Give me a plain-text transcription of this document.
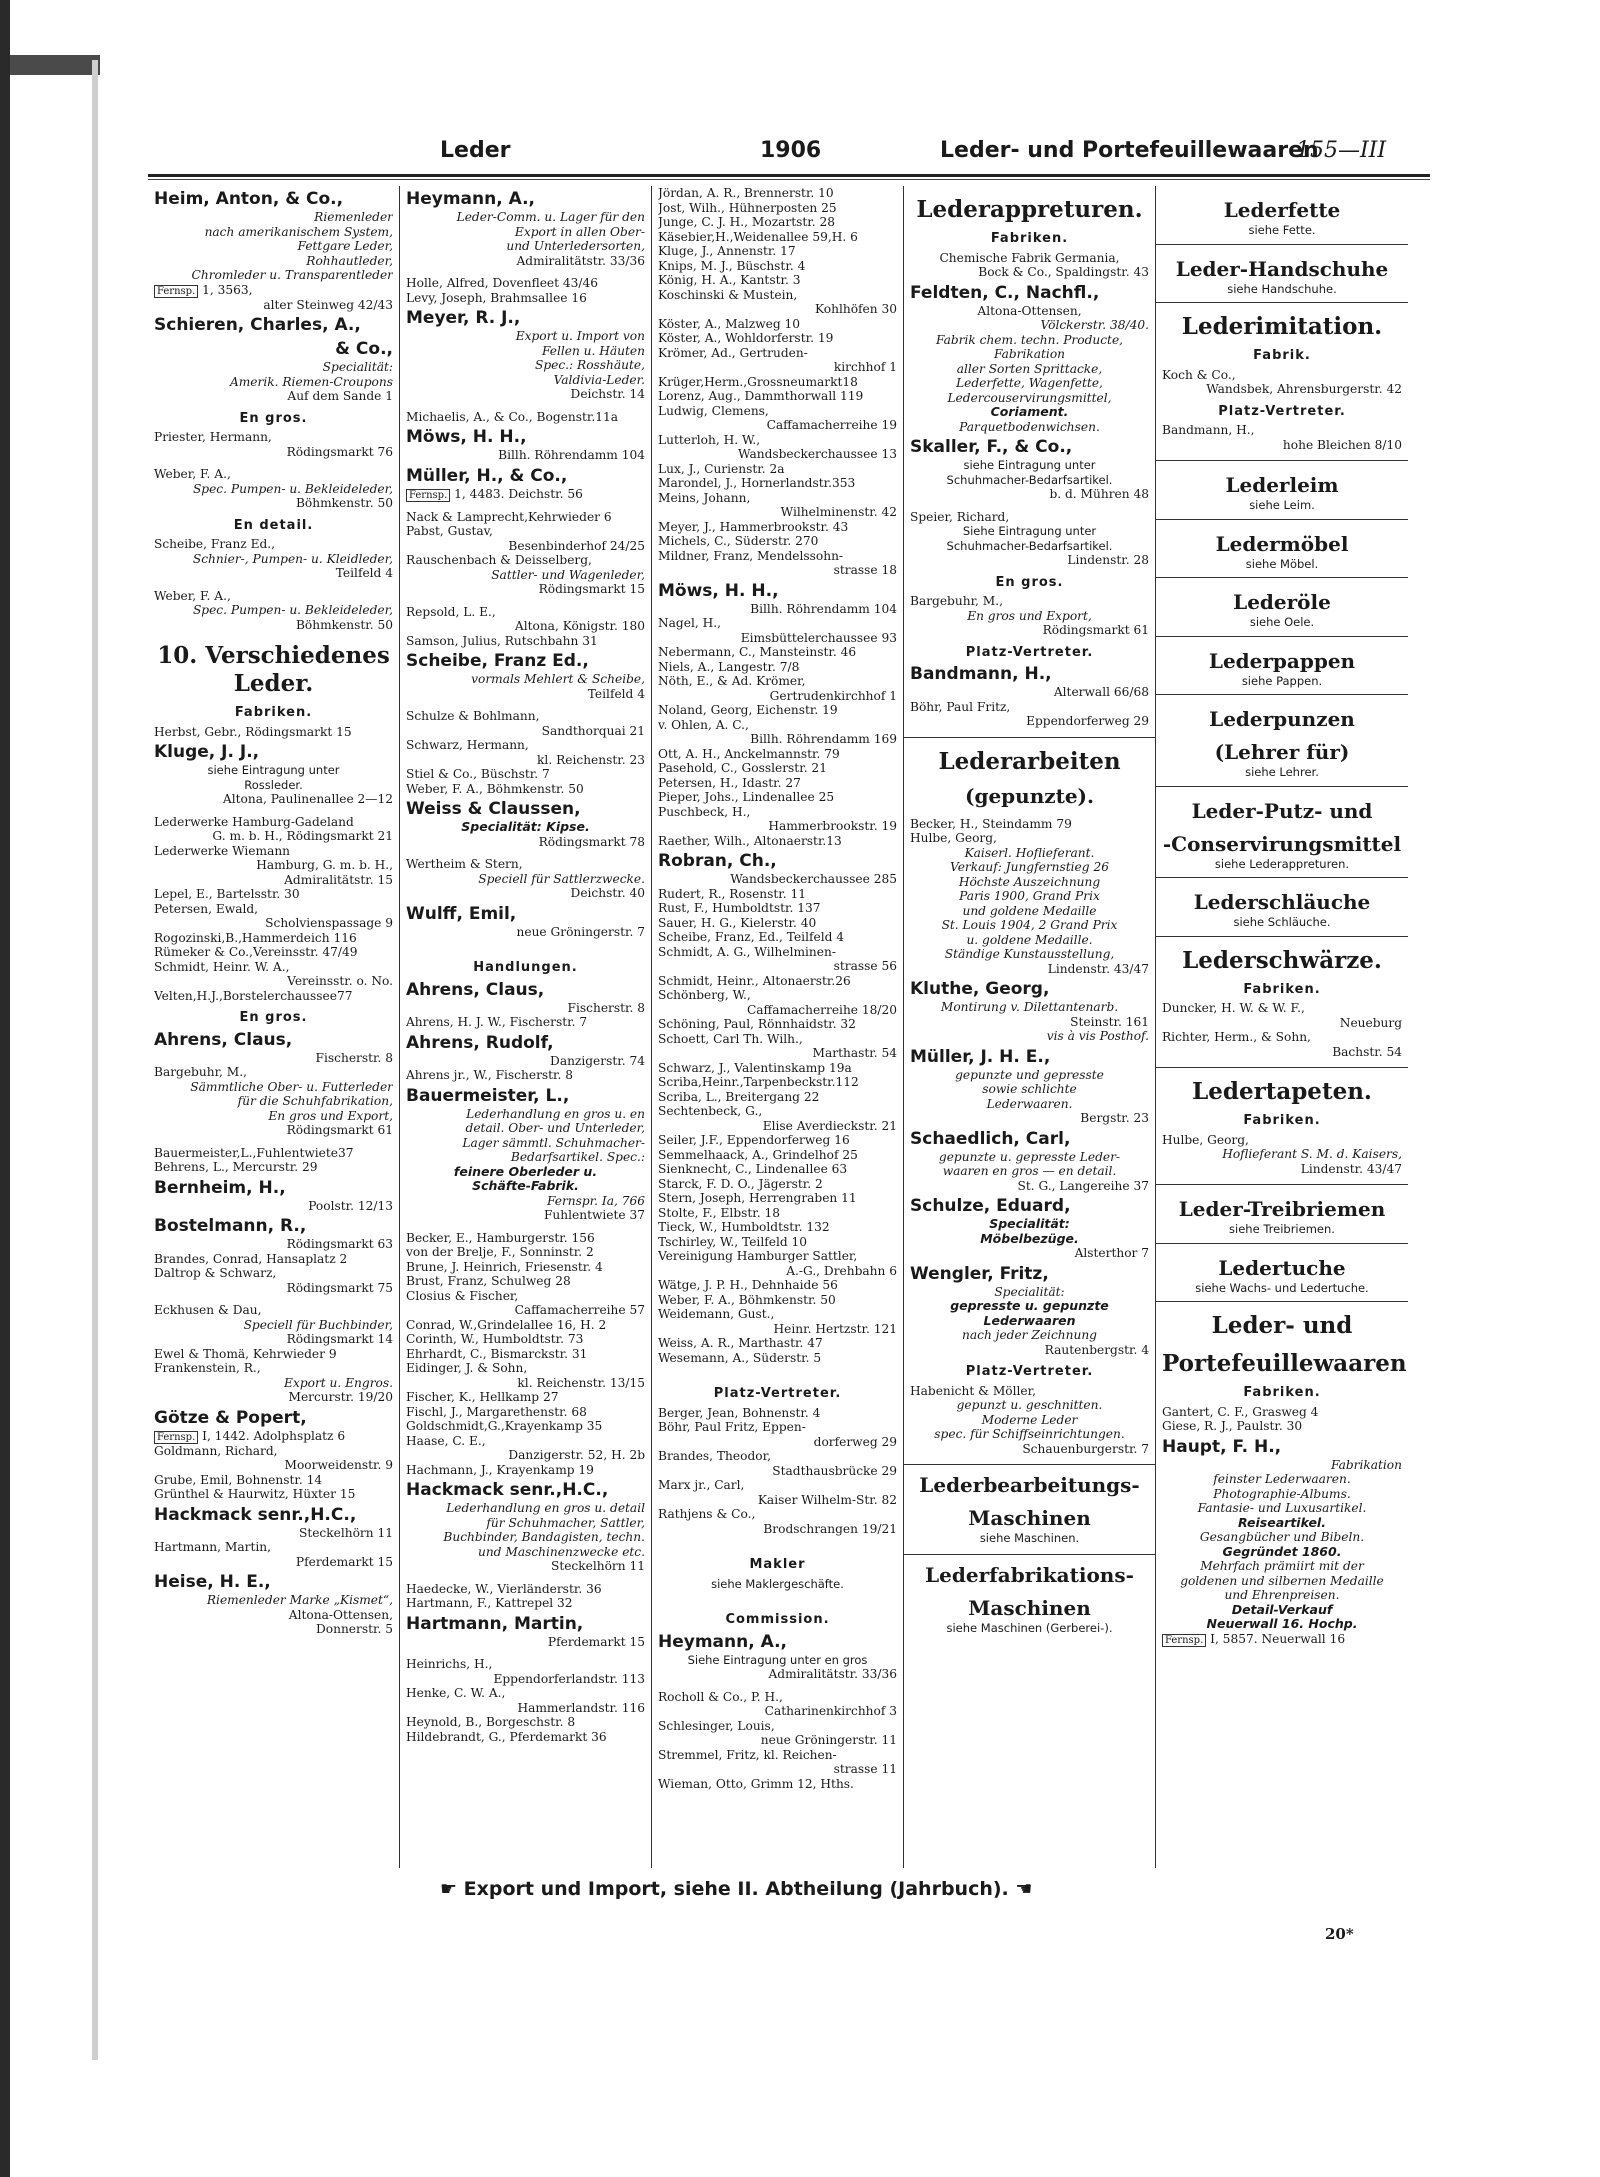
Leder	1906	Leder- und Portefeuillewaaren
155—III
Heim, Anton, & Co.,
Riemenleder
nach amerikanischem System,
Fettgare Leder,
Rohhautleder,
Chromleder u. Transparentleder
Fernsp. 1, 3563,
alter Steinweg 42/43
Schieren, Charles, A.,
& Co.,
Specialität:
Amerik. Riemen-Croupons
Auf dem Sande 1
En gros.
Priester, Hermann,
Rödingsmarkt 76
Weber, F. A.,
Spec. Pumpen- u. Bekleideleder,
Böhmkenstr. 50
En detail.
Scheibe, Franz Ed.,
Schnier-, Pumpen- u. Kleidleder,
Teilfeld 4
Weber, F. A.,
Spec. Pumpen- u. Bekleideleder,
Böhmkenstr. 50
10. Verschiedenes Leder.
Fabriken.
Herbst, Gebr., Rödingsmarkt 15
Kluge, J. J.,
siehe Eintragung unter
Rossleder.
Altona, Paulinenallee 2—12
Lederwerke Hamburg-Gadeland
G. m. b. H., Rödingsmarkt 21
Lederwerke Wiemann
Hamburg, G. m. b. H.,
Admiralitätstr. 15
Lepel, E., Bartelsstr. 30
Petersen, Ewald,
Scholvienspassage 9
Rogozinski,B.,Hammerdeich 116
Rümeker & Co.,Vereinsstr. 47/49
Schmidt, Heinr. W. A.,
Vereinsstr. o. No.
Velten,H.J.,Borstelerchaussee77
En gros.
Ahrens, Claus,
Fischerstr. 8
Bargebuhr, M.,
Sämmtliche Ober- u. Futterleder
für die Schuhfabrikation,
En gros und Export,
Rödingsmarkt 61
Bauermeister,L.,Fuhlentwiete37
Behrens, L., Mercurstr. 29
Bernheim, H.,
Poolstr. 12/13
Bostelmann, R.,
Rödingsmarkt 63
Brandes, Conrad, Hansaplatz 2
Daltrop & Schwarz,
Rödingsmarkt 75
Eckhusen & Dau,
Speciell für Buchbinder,
Rödingsmarkt 14
Ewel & Thomä, Kehrwieder 9
Frankenstein, R.,
Export u. Engros.
Mercurstr. 19/20
Götze & Popert,
Fernsp. I, 1442. Adolphsplatz 6
Goldmann, Richard,
Moorweidenstr. 9
Grube, Emil, Bohnenstr. 14
Grünthel & Haurwitz, Hüxter 15
Hackmack senr.,H.C.,
Steckelhörn 11
Hartmann, Martin,
Pferdemarkt 15
Heise, H. E.,
Riemenleder Marke „Kismet“,
Altona-Ottensen,
Donnerstr. 5
Heymann, A.,
Leder-Comm. u. Lager für den
Export in allen Ober-
und Unterledersorten,
Admiralitätstr. 33/36
Holle, Alfred, Dovenfleet 43/46
Levy, Joseph, Brahmsallee 16
Meyer, R. J.,
Export u. Import von
Fellen u. Häuten
Spec.: Rosshäute,
Valdivia-Leder.
Deichstr. 14
Michaelis, A., & Co., Bogenstr.11a
Möws, H. H.,
Billh. Röhrendamm 104
Müller, H., & Co.,
Fernsp. 1, 4483. Deichstr. 56
Nack & Lamprecht,Kehrwieder 6
Pabst, Gustav,
Besenbinderhof 24/25
Rauschenbach & Deisselberg,
Sattler- und Wagenleder,
Rödingsmarkt 15
Repsold, L. E.,
Altona, Königstr. 180
Samson, Julius, Rutschbahn 31
Scheibe, Franz Ed.,
vormals Mehlert & Scheibe,
Teilfeld 4
Schulze & Bohlmann,
Sandthorquai 21
Schwarz, Hermann,
kl. Reichenstr. 23
Stiel & Co., Büschstr. 7
Weber, F. A., Böhmkenstr. 50
Weiss & Claussen,
Specialität: Kipse.
Rödingsmarkt 78
Wertheim & Stern,
Speciell für Sattlerzwecke.
Deichstr. 40
Wulff, Emil,
neue Gröningerstr. 7
Handlungen.
Ahrens, Claus,
Fischerstr. 8
Ahrens, H. J. W., Fischerstr. 7
Ahrens, Rudolf,
Danzigerstr. 74
Ahrens jr., W., Fischerstr. 8
Bauermeister, L.,
Lederhandlung en gros u. en
detail. Ober- und Unterleder,
Lager sämmtl. Schuhmacher-
Bedarfsartikel. Spec.:
feinere Oberleder u.
Schäfte-Fabrik.
Fernspr. Ia, 766
Fuhlentwiete 37
Becker, E., Hamburgerstr. 156
von der Brelje, F., Sonninstr. 2
Brune, J. Heinrich, Friesenstr. 4
Brust, Franz, Schulweg 28
Closius & Fischer,
Caffamacherreihe 57
Conrad, W.,Grindelallee 16, H. 2
Corinth, W., Humboldtstr. 73
Ehrhardt, C., Bismarckstr. 31
Eidinger, J. & Sohn,
kl. Reichenstr. 13/15
Fischer, K., Hellkamp 27
Fischl, J., Margarethenstr. 68
Goldschmidt,G.,Krayenkamp 35
Haase, C. E.,
Danzigerstr. 52, H. 2b
Hachmann, J., Krayenkamp 19
Hackmack senr.,H.C.,
Lederhandlung en gros u. detail
für Schuhmacher, Sattler,
Buchbinder, Bandagisten, techn.
und Maschinenzwecke etc.
Steckelhörn 11
Haedecke, W., Vierländerstr. 36
Hartmann, F., Kattrepel 32
Hartmann, Martin,
Pferdemarkt 15
Heinrichs, H.,
Eppendorferlandstr. 113
Henke, C. W. A.,
Hammerlandstr. 116
Heynold, B., Borgeschstr. 8
Hildebrandt, G., Pferdemarkt 36
Jördan, A. R., Brennerstr. 10
Jost, Wilh., Hühnerposten 25
Junge, C. J. H., Mozartstr. 28
Käsebier,H.,Weidenallee 59,H. 6
Kluge, J., Annenstr. 17
Knips, M. J., Büschstr. 4
König, H. A., Kantstr. 3
Koschinski & Mustein,
Kohlhöfen 30
Köster, A., Malzweg 10
Köster, A., Wohldorferstr. 19
Krömer, Ad., Gertruden-
kirchhof 1
Krüger,Herm.,Grossneumarkt18
Lorenz, Aug., Dammthorwall 119
Ludwig, Clemens,
Caffamacherreihe 19
Lutterloh, H. W.,
Wandsbeckerchaussee 13
Lux, J., Curienstr. 2a
Marondel, J., Hornerlandstr.353
Meins, Johann,
Wilhelminenstr. 42
Meyer, J., Hammerbrookstr. 43
Michels, C., Süderstr. 270
Mildner, Franz, Mendelssohn-
strasse 18
Möws, H. H.,
Billh. Röhrendamm 104
Nagel, H.,
Eimsbüttelerchaussee 93
Nebermann, C., Mansteinstr. 46
Niels, A., Langestr. 7/8
Nöth, E., & Ad. Krömer,
Gertrudenkirchhof 1
Noland, Georg, Eichenstr. 19
v. Ohlen, A. C.,
Billh. Röhrendamm 169
Ott, A. H., Anckelmannstr. 79
Pasehold, C., Gosslerstr. 21
Petersen, H., Idastr. 27
Pieper, Johs., Lindenallee 25
Puschbeck, H.,
Hammerbrookstr. 19
Raether, Wilh., Altonaerstr.13
Robran, Ch.,
Wandsbeckerchaussee 285
Rudert, R., Rosenstr. 11
Rust, F., Humboldtstr. 137
Sauer, H. G., Kielerstr. 40
Scheibe, Franz, Ed., Teilfeld 4
Schmidt, A. G., Wilhelminen-
strasse 56
Schmidt, Heinr., Altonaerstr.26
Schönberg, W.,
Caffamacherreihe 18/20
Schöning, Paul, Rönnhaidstr. 32
Schoett, Carl Th. Wilh.,
Marthastr. 54
Schwarz, J., Valentinskamp 19a
Scriba,Heinr.,Tarpenbeckstr.112
Scriba, L., Breitergang 22
Sechtenbeck, G.,
Elise Averdieckstr. 21
Seiler, J.F., Eppendorferweg 16
Semmelhaack, A., Grindelhof 25
Sienknecht, C., Lindenallee 63
Starck, F. D. O., Jägerstr. 2
Stern, Joseph, Herrengraben 11
Stolte, F., Elbstr. 18
Tieck, W., Humboldtstr. 132
Tschirley, W., Teilfeld 10
Vereinigung Hamburger Sattler,
A.-G., Drehbahn 6
Wätge, J. P. H., Dehnhaide 56
Weber, F. A., Böhmkenstr. 50
Weidemann, Gust.,
Heinr. Hertzstr. 121
Weiss, A. R., Marthastr. 47
Wesemann, A., Süderstr. 5
Platz-Vertreter.
Berger, Jean, Bohnenstr. 4
Böhr, Paul Fritz, Eppen-
dorferweg 29
Brandes, Theodor,
Stadthausbrücke 29
Marx jr., Carl,
Kaiser Wilhelm-Str. 82
Rathjens & Co.,
Brodschrangen 19/21
Makler
siehe Maklergeschäfte.
Commission.
Heymann, A.,
Siehe Eintragung unter en gros
Admiralitätstr. 33/36
Rocholl & Co., P. H.,
Catharinenkirchhof 3
Schlesinger, Louis,
neue Gröningerstr. 11
Stremmel, Fritz, kl. Reichen-
strasse 11
Wieman, Otto, Grimm 12, Hths.
Lederappreturen.
Fabriken.
Chemische Fabrik Germania,
Bock & Co., Spaldingstr. 43
Feldten, C., Nachfl.,
Altona-Ottensen,
Völckerstr. 38/40.
Fabrik chem. techn. Producte,
Fabrikation
aller Sorten Sprittacke,
Lederfette, Wagenfette,
Ledercouservirungsmittel,
Coriament.
Parquetbodenwichsen.
Skaller, F., & Co.,
siehe Eintragung unter
Schuhmacher-Bedarfsartikel.
b. d. Mühren 48
Speier, Richard,
Siehe Eintragung unter
Schuhmacher-Bedarfsartikel.
Lindenstr. 28
En gros.
Bargebuhr, M.,
En gros und Export,
Rödingsmarkt 61
Platz-Vertreter.
Bandmann, H.,
Alterwall 66/68
Böhr, Paul Fritz,
Eppendorferweg 29
Lederarbeiten
(gepunzte).
Becker, H., Steindamm 79
Hulbe, Georg,
Kaiserl. Hoflieferant.
Verkauf: Jungfernstieg 26
Höchste Auszeichnung
Paris 1900, Grand Prix
und goldene Medaille
St. Louis 1904, 2 Grand Prix
u. goldene Medaille.
Ständige Kunstausstellung,
Lindenstr. 43/47
Kluthe, Georg,
Montirung v. Dilettantenarb.
Steinstr. 161
vis à vis Posthof.
Müller, J. H. E.,
gepunzte und gepresste
sowie schlichte
Lederwaaren.
Bergstr. 23
Schaedlich, Carl,
gepunzte u. gepresste Leder-
waaren en gros — en detail.
St. G., Langereihe 37
Schulze, Eduard,
Specialität:
Möbelbezüge.
Alsterthor 7
Wengler, Fritz,
Specialität:
gepresste u. gepunzte
Lederwaaren
nach jeder Zeichnung
Rautenbergstr. 4
Platz-Vertreter.
Habenicht & Möller,
gepunzt u. geschnitten.
Moderne Leder
spec. für Schiffseinrichtungen.
Schauenburgerstr. 7
Lederbearbeitungs-
Maschinen
siehe Maschinen.
Lederfabrikations-
Maschinen
siehe Maschinen (Gerberei-).
Lederfette
siehe Fette.
Leder-Handschuhe
siehe Handschuhe.
Lederimitation.
Fabrik.
Koch & Co.,
Wandsbek, Ahrensburgerstr. 42
Platz-Vertreter.
Bandmann, H.,
hohe Bleichen 8/10
Lederleim
siehe Leim.
Ledermöbel
siehe Möbel.
Lederöle
siehe Oele.
Lederpappen
siehe Pappen.
Lederpunzen
(Lehrer für)
siehe Lehrer.
Leder-Putz- und
-Conservirungsmittel
siehe Lederappreturen.
Lederschläuche
siehe Schläuche.
Lederschwärze.
Fabriken.
Duncker, H. W. & W. F.,
Neueburg
Richter, Herm., & Sohn,
Bachstr. 54
Ledertapeten.
Fabriken.
Hulbe, Georg,
Hoflieferant S. M. d. Kaisers,
Lindenstr. 43/47
Leder-Treibriemen
siehe Treibriemen.
Ledertuche
siehe Wachs- und Ledertuche.
Leder- und
Portefeuillewaaren
Fabriken.
Gantert, C. F., Grasweg 4
Giese, R. J., Paulstr. 30
Haupt, F. H.,
Fabrikation
feinster Lederwaaren.
Photographie-Albums.
Fantasie- und Luxusartikel.
Reiseartikel.
Gesangbücher und Bibeln.
Gegründet 1860.
Mehrfach prämiirt mit der
goldenen und silbernen Medaille
und Ehrenpreisen.
Detail-Verkauf
Neuerwall 16. Hochp.
Fernsp. I, 5857. Neuerwall 16
☛ Export und Import, siehe II. Abtheilung (Jahrbuch). ☚
20*
